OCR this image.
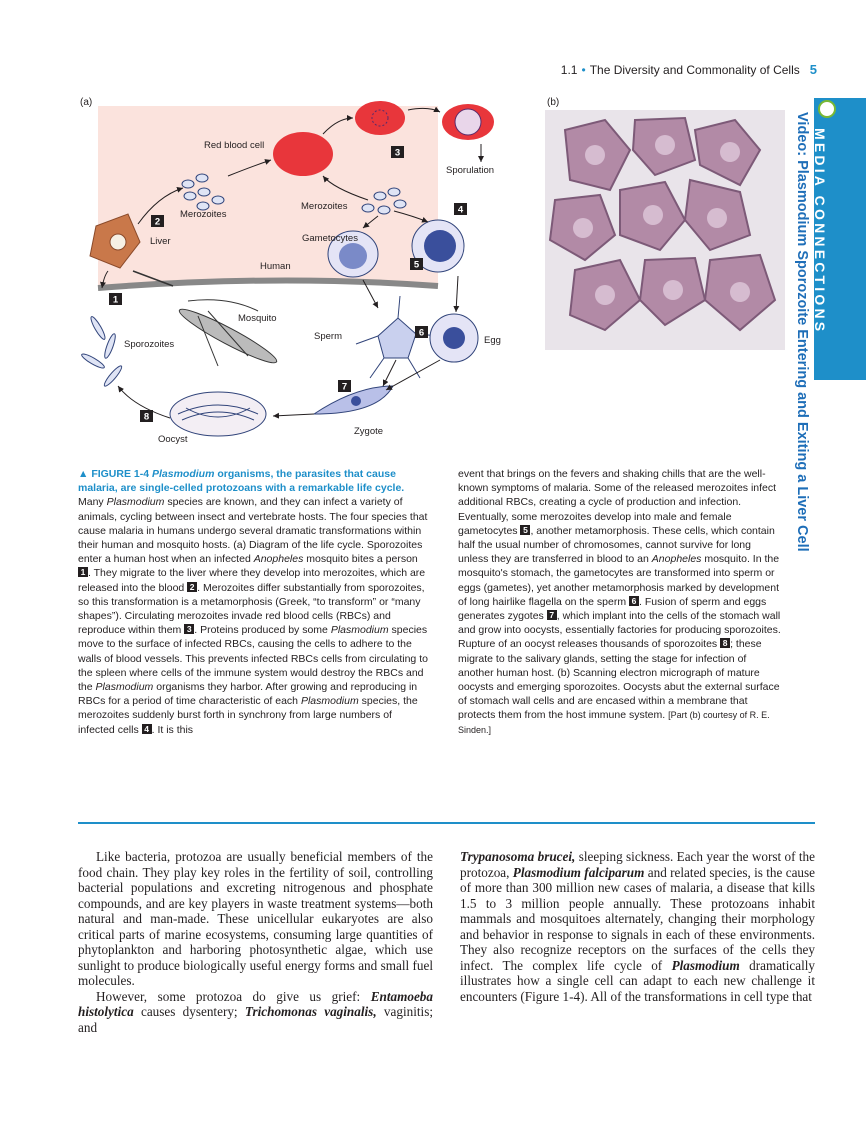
1.1 • The Diversity and Commonality of Cells 5
MEDIA CONNECTIONS
Video: Plasmodium Sporozoite Entering and Exiting a Liver Cell
(a)	(b)
1
2
3
4
5
6
7
8
Red blood cell
Sporulation
Merozoites
Merozoites
Liver	Gametocytes
Human
Mosquito
Sporozoites
Sperm	Egg
Zygote
Oocyst
▲ FIGURE 1-4 Plasmodium organisms, the parasites that cause malaria, are single-celled protozoans with a remarkable life cycle. Many Plasmodium species are known, and they can infect a variety of animals, cycling between insect and vertebrate hosts. The four species that cause malaria in humans undergo several dramatic transformations within their human and mosquito hosts. (a) Diagram of the life cycle. Sporozoites enter a human host when an infected Anopheles mosquito bites a person 1 . They migrate to the liver where they develop into merozoites, which are released into the blood 2 . Merozoites differ substantially from sporozoites, so this transformation is a metamorphosis (Greek, “to transform” or “many shapes”). Circulating merozoites invade red blood cells (RBCs) and reproduce within them 3 . Proteins produced by some Plasmodium species move to the surface of infected RBCs, causing the cells to adhere to the walls of blood vessels. This prevents infected RBCs cells from circulating to the spleen where cells of the immune system would destroy the RBCs and the Plasmodium organisms they harbor. After growing and reproducing in RBCs for a period of time characteristic of each Plasmodium species, the merozoites suddenly burst forth in synchrony from large numbers of infected cells 4 . It is this
event that brings on the fevers and shaking chills that are the well-known symptoms of malaria. Some of the released merozoites infect additional RBCs, creating a cycle of production and infection. Eventually, some merozoites develop into male and female gametocytes 5 , another metamorphosis. These cells, which contain half the usual number of chromosomes, cannot survive for long unless they are transferred in blood to an Anopheles mosquito. In the mosquito's stomach, the gametocytes are transformed into sperm or eggs (gametes), yet another metamorphosis marked by development of long hairlike flagella on the sperm 6 . Fusion of sperm and eggs generates zygotes 7 , which implant into the cells of the stomach wall and grow into oocysts, essentially factories for producing sporozoites. Rupture of an oocyst releases thousands of sporozoites 8 ; these migrate to the salivary glands, setting the stage for infection of another human host. (b) Scanning electron micrograph of mature oocysts and emerging sporozoites. Oocysts abut the external surface of stomach wall cells and are encased within a membrane that protects them from the host immune system. [Part (b) courtesy of R. E. Sinden.]

Like bacteria, protozoa are usually beneficial members of the food chain. They play key roles in the fertility of soil, controlling bacterial populations and excreting nitrogenous and phosphate compounds, and are key players in waste treatment systems—both natural and man-made. These unicellular eukaryotes are also critical parts of marine ecosystems, consuming large quantities of phytoplankton and harboring photosynthetic algae, which use sunlight to produce biologically useful energy forms and small fuel molecules.

However, some protozoa do give us grief: Entamoeba histolytica causes dysentery; Trichomonas vaginalis, vaginitis; and

Trypanosoma brucei, sleeping sickness. Each year the worst of the protozoa, Plasmodium falciparum and related species, is the cause of more than 300 million new cases of malaria, a disease that kills 1.5 to 3 million people annually. These protozoans inhabit mammals and mosquitoes alternately, changing their morphology and behavior in response to signals in each of these environments. They also recognize receptors on the surfaces of the cells they infect. The complex life cycle of Plasmodium dramatically illustrates how a single cell can adapt to each new challenge it encounters (Figure 1-4). All of the transformations in cell type that
